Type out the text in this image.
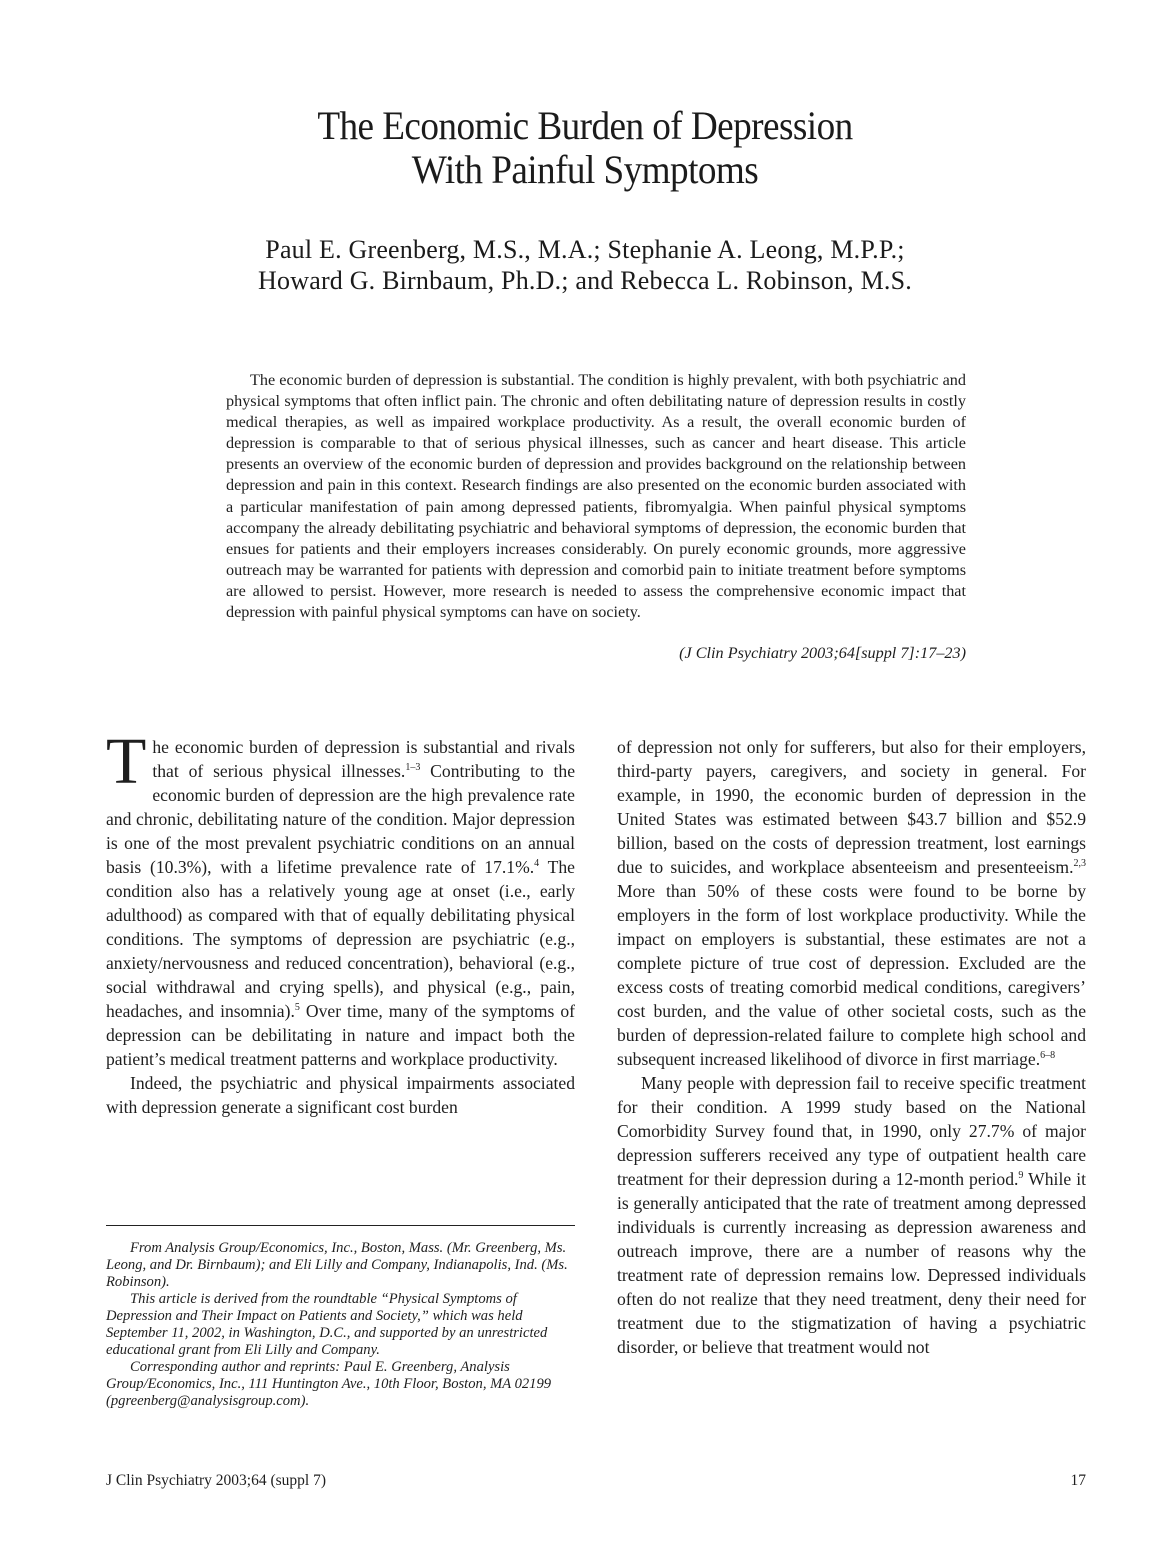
The Economic Burden of Depression
With Painful Symptoms
Paul E. Greenberg, M.S., M.A.; Stephanie A. Leong, M.P.P.;
Howard G. Birnbaum, Ph.D.; and Rebecca L. Robinson, M.S.

The economic burden of depression is substantial. The condition is highly prevalent, with both psychiatric and physical symptoms that often inflict pain. The chronic and often debilitating nature of depression results in costly medical therapies, as well as impaired workplace productivity. As a result, the overall economic burden of depression is comparable to that of serious physical illnesses, such as cancer and heart disease. This article presents an overview of the economic burden of depression and provides background on the relationship between depression and pain in this context. Research findings are also presented on the economic burden associated with a particular manifestation of pain among depressed patients, fibromyalgia. When painful physical symptoms accompany the already debilitating psychiatric and behavioral symptoms of depression, the economic burden that ensues for patients and their employers increases considerably. On purely economic grounds, more aggressive outreach may be warranted for patients with depression and comorbid pain to initiate treatment before symptoms are allowed to persist. However, more research is needed to assess the comprehensive economic impact that depression with painful physical symptoms can have on society.

(J Clin Psychiatry 2003;64[suppl 7]:17–23)

The economic burden of depression is substantial and rivals that of serious physical illnesses.$^{1-3}$ Contributing to the economic burden of depression are the high prevalence rate and chronic, debilitating nature of the condition. Major depression is one of the most prevalent psychiatric conditions on an annual basis (10.3%), with a lifetime prevalence rate of 17.1%.$^4$ The condition also has a relatively young age at onset (i.e., early adulthood) as compared with that of equally debilitating physical conditions. The symptoms of depression are psychiatric (e.g., anxiety/nervousness and reduced concentration), behavioral (e.g., social withdrawal and crying spells), and physical (e.g., pain, headaches, and insomnia).$^5$ Over time, many of the symptoms of depression can be debilitating in nature and impact both the patient’s medical treatment patterns and workplace productivity.

Indeed, the psychiatric and physical impairments associated with depression generate a significant cost burden

of depression not only for sufferers, but also for their employers, third-party payers, caregivers, and society in general. For example, in 1990, the economic burden of depression in the United States was estimated between $43.7 billion and $52.9 billion, based on the costs of depression treatment, lost earnings due to suicides, and workplace absenteeism and presenteeism.$^{2,3}$ More than 50% of these costs were found to be borne by employers in the form of lost workplace productivity. While the impact on employers is substantial, these estimates are not a complete picture of true cost of depression. Excluded are the excess costs of treating comorbid medical conditions, caregivers’ cost burden, and the value of other societal costs, such as the burden of depression-related failure to complete high school and subsequent increased likelihood of divorce in first marriage.$^{6-8}$

Many people with depression fail to receive specific treatment for their condition. A 1999 study based on the National Comorbidity Survey found that, in 1990, only 27.7% of major depression sufferers received any type of outpatient health care treatment for their depression during a 12-month period.$^9$ While it is generally anticipated that the rate of treatment among depressed individuals is currently increasing as depression awareness and outreach improve, there are a number of reasons why the treatment rate of depression remains low. Depressed individuals often do not realize that they need treatment, deny their need for treatment due to the stigmatization of having a psychiatric disorder, or believe that treatment would not

From Analysis Group/Economics, Inc., Boston, Mass. (Mr. Greenberg, Ms. Leong, and Dr. Birnbaum); and Eli Lilly and Company, Indianapolis, Ind. (Ms. Robinson).

This article is derived from the roundtable “Physical Symptoms of Depression and Their Impact on Patients and Society,” which was held September 11, 2002, in Washington, D.C., and supported by an unrestricted educational grant from Eli Lilly and Company.

Corresponding author and reprints: Paul E. Greenberg, Analysis Group/Economics, Inc., 111 Huntington Ave., 10th Floor, Boston, MA 02199 (pgreenberg@analysisgroup.com).

J Clin Psychiatry 2003;64 (suppl 7)	17
